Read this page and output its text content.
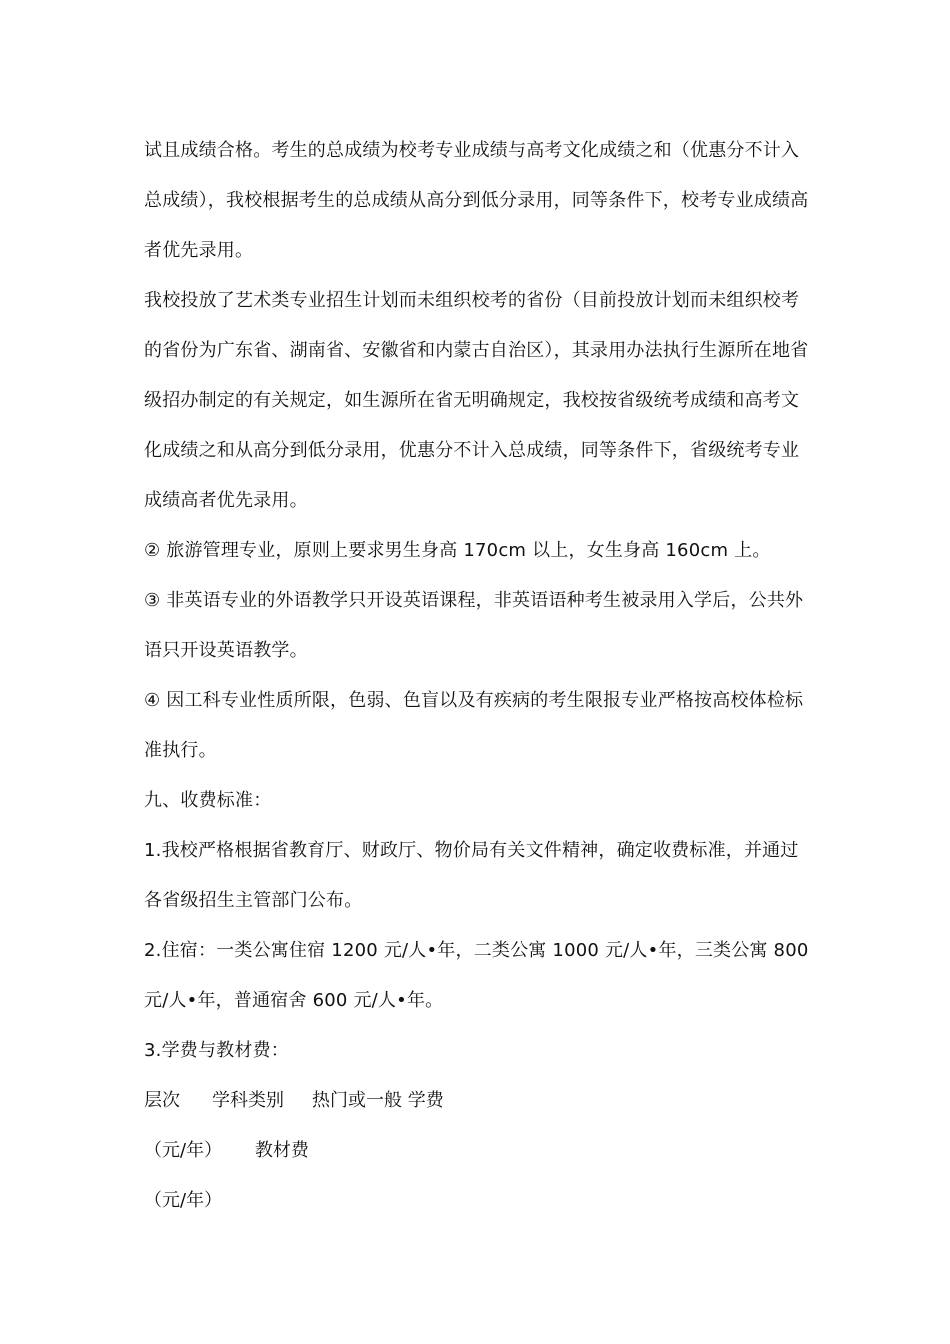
试且成绩合格。考生的总成绩为校考专业成绩与高考文化成绩之和（优惠分不计入总成绩），我校根据考生的总成绩从高分到低分录用，同等条件下，校考专业成绩高者优先录用。

我校投放了艺术类专业招生计划而未组织校考的省份（目前投放计划而未组织校考的省份为广东省、湖南省、安徽省和内蒙古自治区），其录用办法执行生源所在地省级招办制定的有关规定，如生源所在省无明确规定，我校按省级统考成绩和高考文化成绩之和从高分到低分录用，优惠分不计入总成绩，同等条件下，省级统考专业成绩高者优先录用。

② 旅游管理专业，原则上要求男生身高 170cm 以上，女生身高 160cm 上。

③ 非英语专业的外语教学只开设英语课程，非英语语种考生被录用入学后，公共外语只开设英语教学。

④ 因工科专业性质所限，色弱、色盲以及有疾病的考生限报专业严格按高校体检标准执行。

九、收费标准：

1.我校严格根据省教育厅、财政厅、物价局有关文件精神，确定收费标准，并通过各省级招生主管部门公布。

2.住宿：一类公寓住宿 1200 元/人•年，二类公寓 1000 元/人•年，三类公寓 800 元/人•年，普通宿舍 600 元/人•年。

3.学费与教材费：

层次 学科类别 热门或一般 学费

（元/年） 教材费

（元/年）
